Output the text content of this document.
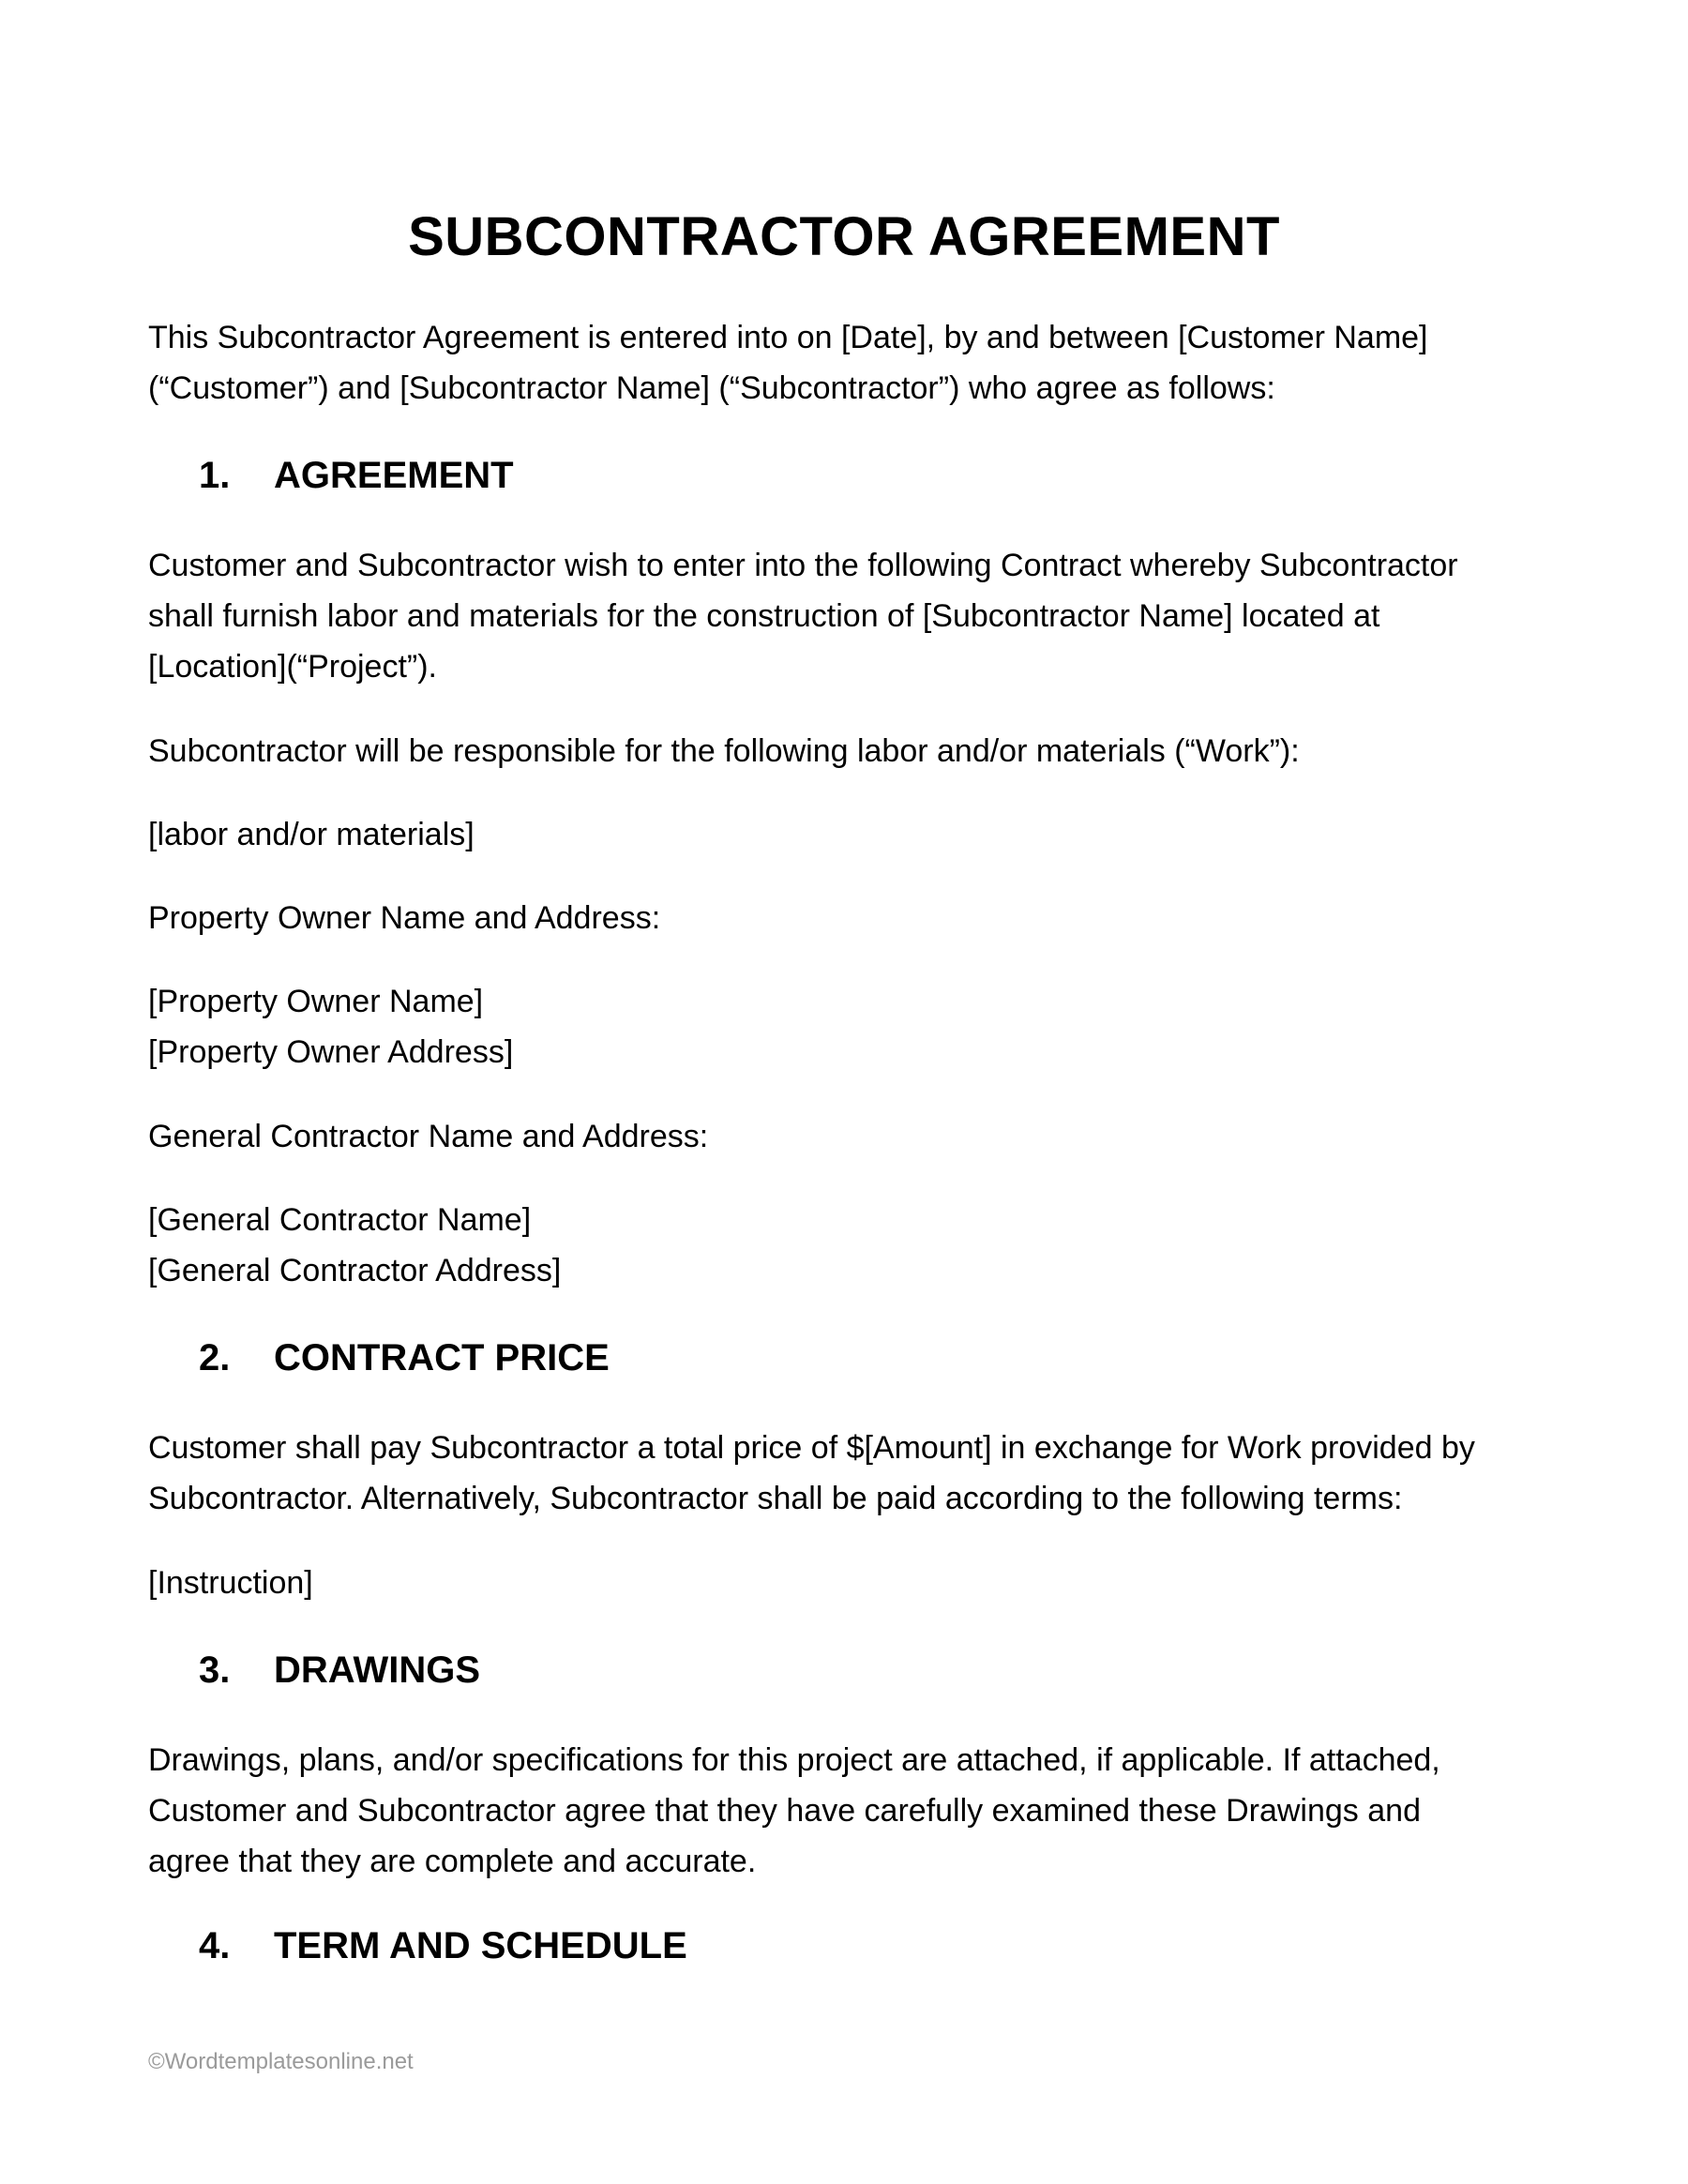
SUBCONTRACTOR AGREEMENT
This Subcontractor Agreement is entered into on [Date], by and between [Customer Name]
(“Customer”) and [Subcontractor Name] (“Subcontractor”) who agree as follows:
1. AGREEMENT
Customer and Subcontractor wish to enter into the following Contract whereby Subcontractor
shall furnish labor and materials for the construction of [Subcontractor Name] located at
[Location](“Project”).
Subcontractor will be responsible for the following labor and/or materials (“Work”):
[labor and/or materials]
Property Owner Name and Address:
[Property Owner Name]
[Property Owner Address]
General Contractor Name and Address:
[General Contractor Name]
[General Contractor Address]
2. CONTRACT PRICE
Customer shall pay Subcontractor a total price of $[Amount] in exchange for Work provided by
Subcontractor. Alternatively, Subcontractor shall be paid according to the following terms:
[Instruction]
3. DRAWINGS
Drawings, plans, and/or specifications for this project are attached, if applicable. If attached,
Customer and Subcontractor agree that they have carefully examined these Drawings and
agree that they are complete and accurate.
4. TERM AND SCHEDULE
©Wordtemplatesonline.net
